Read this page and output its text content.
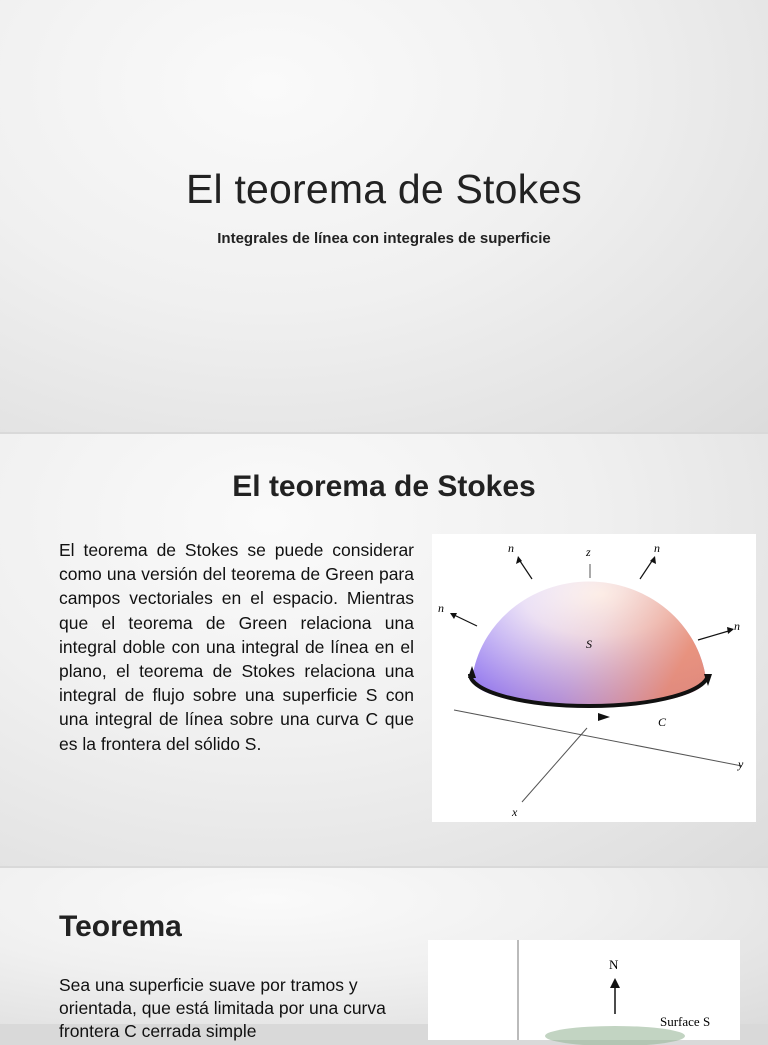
El teorema de Stokes

Integrales de línea con integrales de superficie

El teorema de Stokes

El teorema de Stokes se puede considerar como una versión del teorema de Green para campos vectoriales en el espacio. Mientras que el teorema de Green relaciona una integral doble con una integral de línea en el plano, el teorema de Stokes relaciona una integral de flujo sobre una superficie S con una integral de línea sobre una curva C que es la frontera del sólido S.

n⃗	n⃗
n⃗
n⃗
z
y
x
S
C
Teorema

Sea una superficie suave por tramos y orientada, que está limitada por una curva frontera C cerrada simple

N
Surface S
